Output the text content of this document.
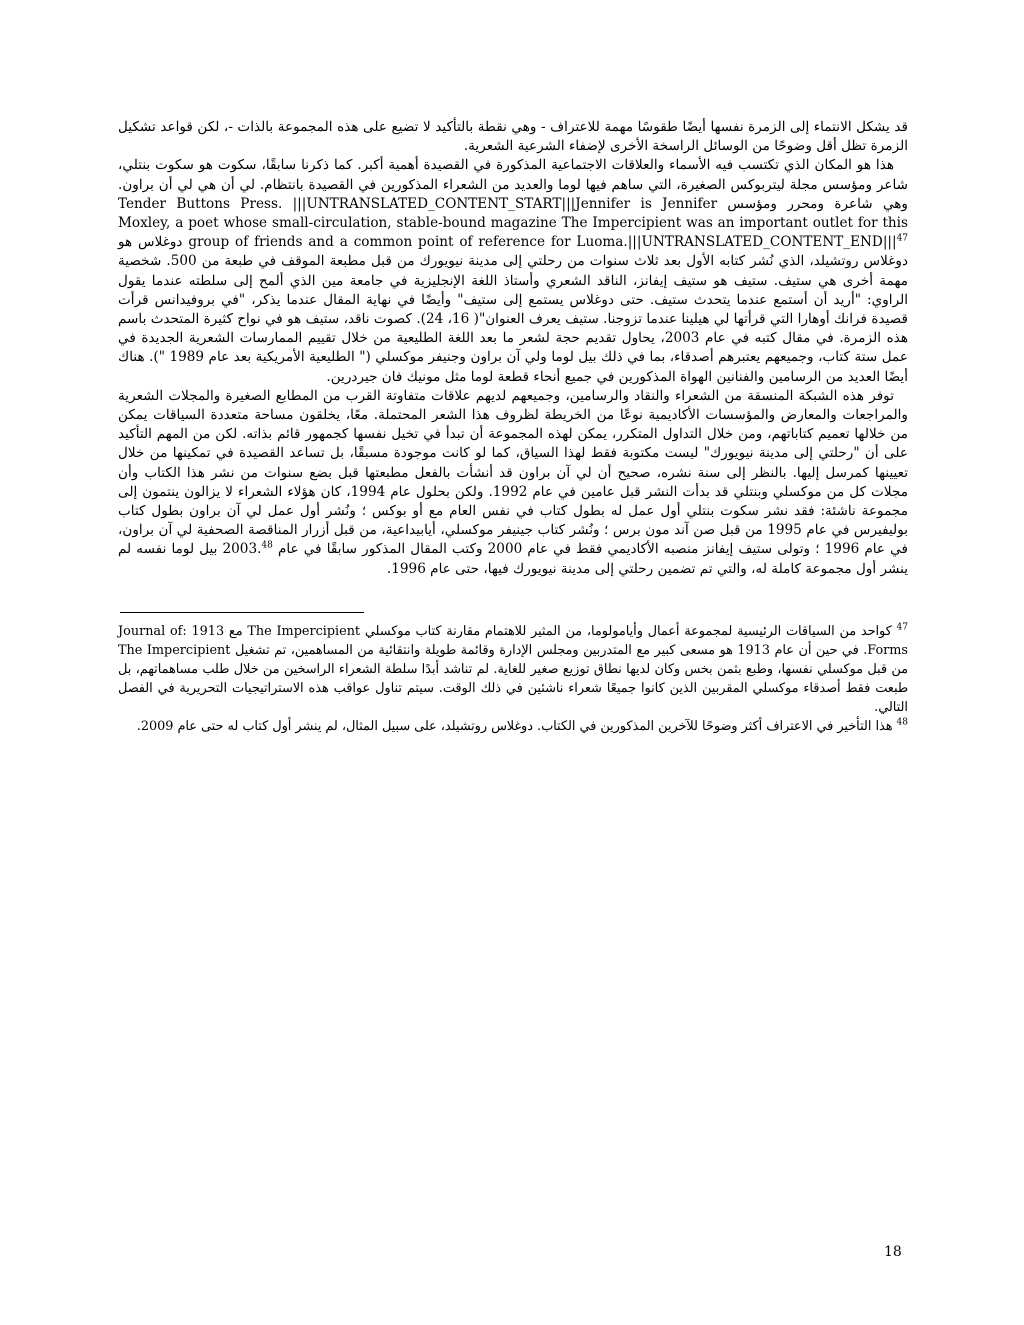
قد يشكل الانتماء إلى الزمرة نفسها أيضًا طقوسًا مهمة للاعتراف - وهي نقطة بالتأكيد لا تضيع على هذه المجموعة بالذات -، لكن قواعد تشكيل الزمرة تظل أقل وضوحًا من الوسائل الراسخة الأخرى لإضفاء الشرعية الشعرية.

هذا هو المكان الذي تكتسب فيه الأسماء والعلاقات الاجتماعية المذكورة في القصيدة أهمية أكبر. كما ذكرنا سابقًا، سكوت هو سكوت بنتلي، شاعر ومؤسس مجلة ليتربوكس الصغيرة، التي ساهم فيها لوما والعديد من الشعراء المذكورين في القصيدة بانتظام. لي أن هي لي أن براون. وهي شاعرة ومحرر ومؤسس Tender Buttons Press. |||UNTRANSLATED_CONTENT_START|||Jennifer is Jennifer Moxley, a poet whose small-circulation, stable-bound magazine The Impercipient was an important outlet for this group of friends and a common point of reference for $Luoma.|||UNTRANSLATED\_CONTENT\_END|||^{47}$ دوغلاس هو دوغلاس روتشيلد، الذي نُشر كتابه الأول بعد ثلاث سنوات من رحلتي إلى مدينة نيويورك من قبل مطبعة الموقف في طبعة من 500. شخصية مهمة أخرى هي ستيف. ستيف هو ستيف إيفانز، الناقد الشعري وأستاذ اللغة الإنجليزية في جامعة مين الذي ألمح إلى سلطته عندما يقول الراوي: "أريد أن أستمع عندما يتحدث ستيف. حتى دوغلاس يستمع إلى ستيف" وأيضًا في نهاية المقال عندما يذكر، "في بروفيدانس قرأت قصيدة فرانك أوهارا التي قرأتها لي هيلينا عندما تزوجنا. ستيف يعرف العنوان"( 16، 24). كصوت ناقد، ستيف هو في نواح كثيرة المتحدث باسم هذه الزمرة. في مقال كتبه في عام 2003، يحاول تقديم حجة لشعر ما بعد اللغة الطليعية من خلال تقييم الممارسات الشعرية الجديدة في عمل ستة كتاب، وجميعهم يعتبرهم أصدقاء، بما في ذلك بيل لوما ولي آن براون وجنيفر موكسلي (" الطليعية الأمريكية بعد عام 1989 "). هناك أيضًا العديد من الرسامين والفنانين الهواة المذكورين في جميع أنحاء قطعة لوما مثل مونيك فان جيردرين.

توفر هذه الشبكة المنسقة من الشعراء والنقاد والرسامين، وجميعهم لديهم علاقات متفاوتة القرب من المطابع الصغيرة والمجلات الشعرية والمراجعات والمعارض والمؤسسات الأكاديمية نوعًا من الخريطة لظروف هذا الشعر المحتملة. معًا، يخلقون مساحة متعددة السياقات يمكن من خلالها تعميم كتاباتهم، ومن خلال التداول المتكرر، يمكن لهذه المجموعة أن تبدأ في تخيل نفسها كجمهور قائم بذاته. لكن من المهم التأكيد على أن "رحلتي إلى مدينة نيويورك" ليست مكتوبة فقط لهذا السياق، كما لو كانت موجودة مسبقًا، بل تساعد القصيدة في تمكينها من خلال تعيينها كمرسل إليها. بالنظر إلى سنة نشره، صحيح أن لي آن براون قد أنشأت بالفعل مطبعتها قبل بضع سنوات من نشر هذا الكتاب وأن مجلات كل من موكسلي وبنتلي قد بدأت النشر قبل عامين في عام 1992. ولكن بحلول عام 1994، كان هؤلاء الشعراء لا يزالون ينتمون إلى مجموعة ناشئة: فقد نشر سكوت بنتلي أول عمل له بطول كتاب في نفس العام مع أو بوكس ؛ ونُشر أول عمل لي آن براون بطول كتاب بوليفيرس في عام 1995 من قبل صن آند مون برس ؛ ونُشر كتاب جينيفر موكسلي، أيابيداعية، من قبل أزرار المناقصة الصحفية لي آن براون، في عام 1996 ؛ وتولى ستيف إيفانز منصبه الأكاديمي فقط في عام 2000 وكتب المقال المذكور سابقًا في عام 2003.48 بيل لوما نفسه لم ينشر أول مجموعة كاملة له، والتي تم تضمين رحلتي إلى مدينة نيويورك فيها، حتى عام 1996.

$^{47}$ كواحد من السياقات الرئيسية لمجموعة أعمال وأيامولوما، من المثير للاهتمام مقارنة كتاب موكسلي The Impercipient مع 1913 :Journal of Forms. في حين أن عام 1913 هو مسعى كبير مع المتدربين ومجلس الإدارة وقائمة طويلة وانتقائية من المساهمين، تم تشغيل The Impercipient من قبل موكسلي نفسها، وطبع بثمن بخس وكان لديها نطاق توزيع صغير للغاية. لم تناشد أبدًا سلطة الشعراء الراسخين من خلال طلب مساهماتهم، بل طبعت فقط أصدقاء موكسلي المقربين الذين كانوا جميعًا شعراء ناشئين في ذلك الوقت. سيتم تناول عواقب هذه الاستراتيجيات التحريرية في الفصل التالي.

$^{48}$ هذا التأخير في الاعتراف أكثر وضوحًا للآخرين المذكورين في الكتاب. دوغلاس روتشيلد، على سبيل المثال، لم ينشر أول كتاب له حتى عام 2009.

18
